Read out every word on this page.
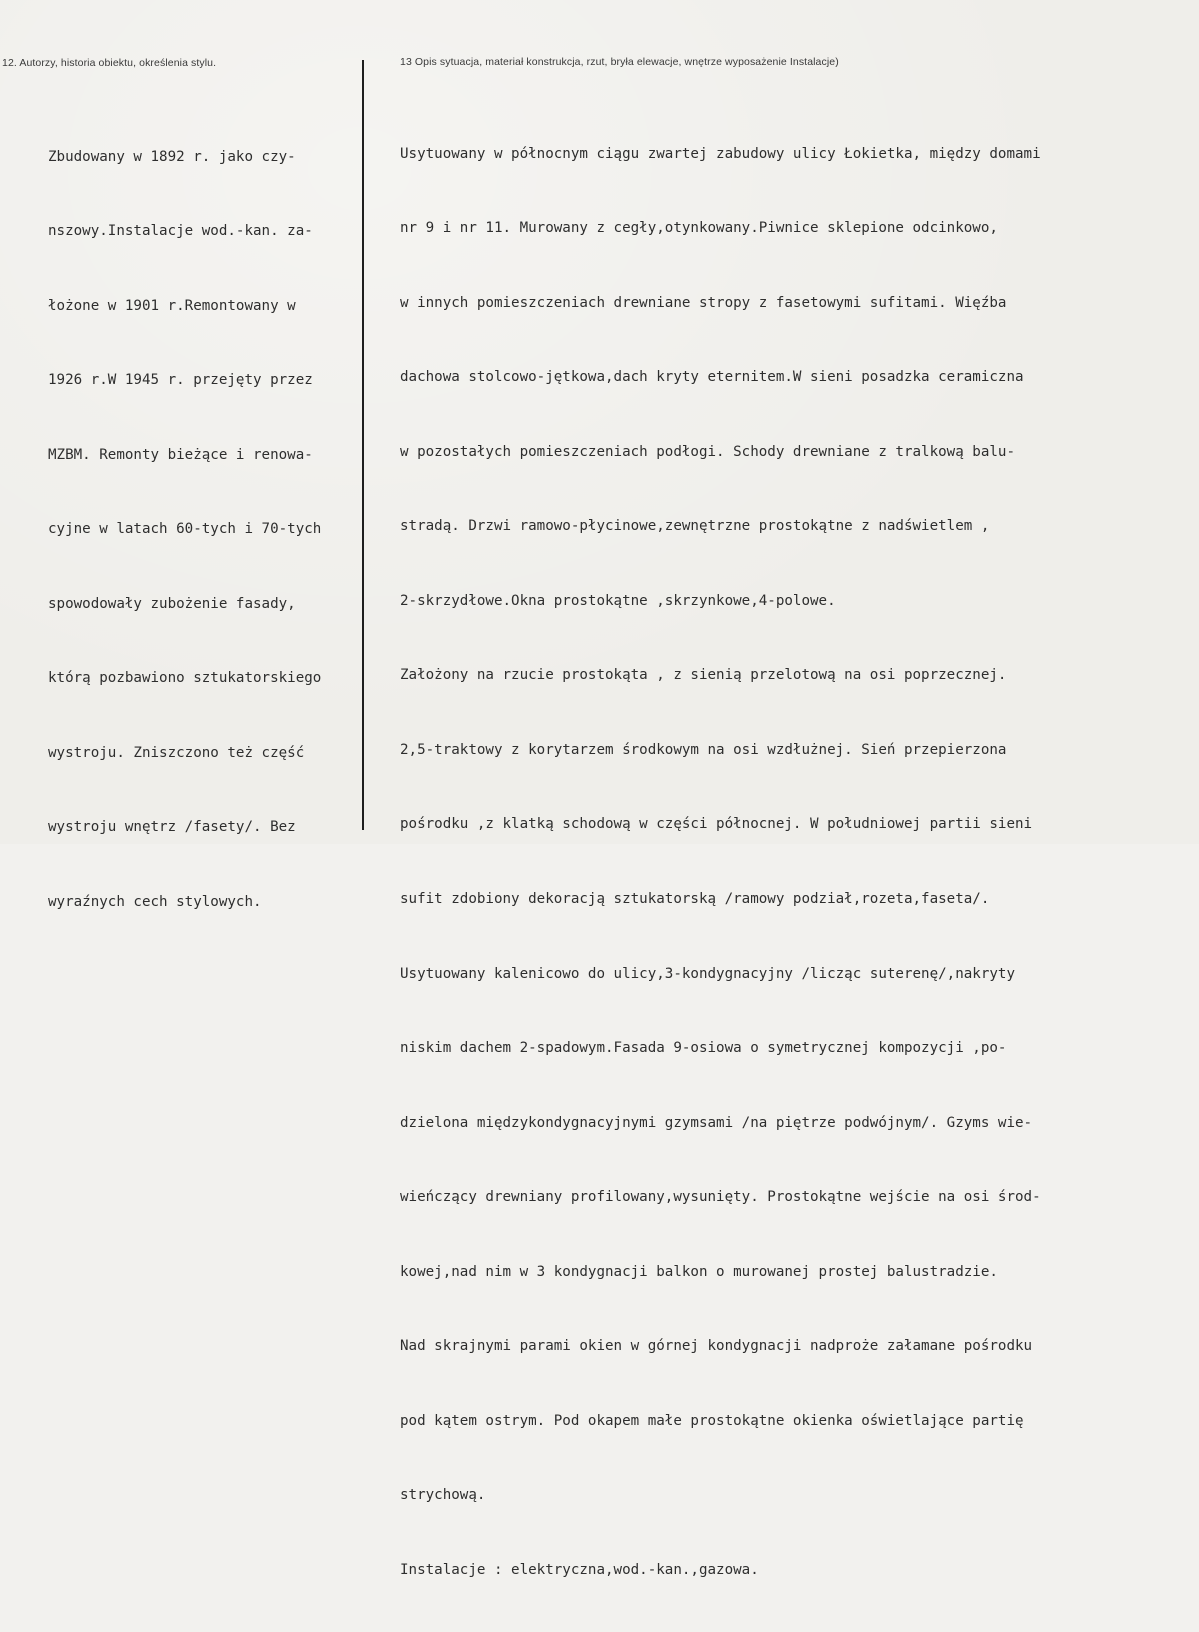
12. Autorzy, historia obiektu, określenia stylu.	13 Opis sytuacja, materiał konstrukcja, rzut, bryła elewacje, wnętrze wyposażenie Instalacje)

Zbudowany w 1892 r. jako czy-

nszowy.Instalacje wod.-kan. za-

łożone w 1901 r.Remontowany w

1926 r.W 1945 r. przejęty przez

MZBM. Remonty bieżące i renowa-

cyjne w latach 60-tych i 70-tych

spowodowały zubożenie fasady,

którą pozbawiono sztukatorskiego

wystroju. Zniszczono też część

wystroju wnętrz /fasety/. Bez

wyraźnych cech stylowych.

Usytuowany w północnym ciągu zwartej zabudowy ulicy Łokietka, między domami

nr 9 i nr 11. Murowany z cegły,otynkowany.Piwnice sklepione odcinkowo,

w innych pomieszczeniach drewniane stropy z fasetowymi sufitami. Więźba

dachowa stolcowo-jętkowa,dach kryty eternitem.W sieni posadzka ceramiczna

w pozostałych pomieszczeniach podłogi. Schody drewniane z tralkową balu-

stradą. Drzwi ramowo-płycinowe,zewnętrzne prostokątne z nadświetlem ,

2-skrzydłowe.Okna prostokątne ,skrzynkowe,4-polowe.

Założony na rzucie prostokąta , z sienią przelotową na osi poprzecznej.

2,5-traktowy z korytarzem środkowym na osi wzdłużnej. Sień przepierzona

pośrodku ,z klatką schodową w części północnej. W południowej partii sieni

sufit zdobiony dekoracją sztukatorską /ramowy podział,rozeta,faseta/.

Usytuowany kalenicowo do ulicy,3-kondygnacyjny /licząc suterenę/,nakryty

niskim dachem 2-spadowym.Fasada 9-osiowa o symetrycznej kompozycji ,po-

dzielona międzykondygnacyjnymi gzymsami /na piętrze podwójnym/. Gzyms wie-

wieńczący drewniany profilowany,wysunięty. Prostokątne wejście na osi środ-

kowej,nad nim w 3 kondygnacji balkon o murowanej prostej balustradzie.

Nad skrajnymi parami okien w górnej kondygnacji nadproże załamane pośrodku

pod kątem ostrym. Pod okapem małe prostokątne okienka oświetlające partię

strychową.

Instalacje : elektryczna,wod.-kan.,gazowa.
